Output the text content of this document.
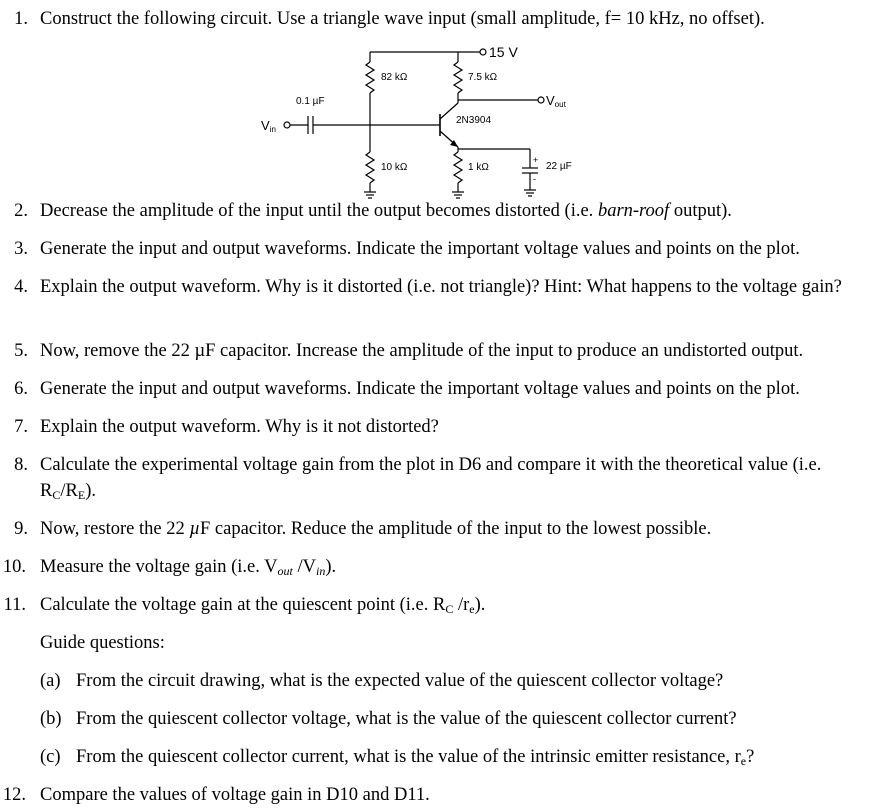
1. Construct the following circuit. Use a triangle wave input (small amplitude, f= 10 kHz, no offset).
15 V
82 kΩ	7.5 kΩ
10 kΩ	1 kΩ
0.1 µF
22 µF
2N3904
Vin
Vout
+
-
2. Decrease the amplitude of the input until the output becomes distorted (i.e. barn-roof output).
3. Generate the input and output waveforms. Indicate the important voltage values and points on the plot.
4. Explain the output waveform. Why is it distorted (i.e. not triangle)? Hint: What happens to the voltage gain?
5. Now, remove the 22 µF capacitor. Increase the amplitude of the input to produce an undistorted output.
6. Generate the input and output waveforms. Indicate the important voltage values and points on the plot.
7. Explain the output waveform. Why is it not distorted?
8. Calculate the experimental voltage gain from the plot in D6 and compare it with the theoretical value (i.e. $R_C/R_E$).
9. Now, restore the 22 µF capacitor. Reduce the amplitude of the input to the lowest possible.
10. Measure the voltage gain (i.e. $V_{out}$ $/V_{in}$).
11. Calculate the voltage gain at the quiescent point (i.e. $R_C$ $/r_e$).
Guide questions:
(a) From the circuit drawing, what is the expected value of the quiescent collector voltage?
(b) From the quiescent collector voltage, what is the value of the quiescent collector current?
(c) From the quiescent collector current, what is the value of the intrinsic emitter resistance, $r_e$?
12. Compare the values of voltage gain in D10 and D11.
